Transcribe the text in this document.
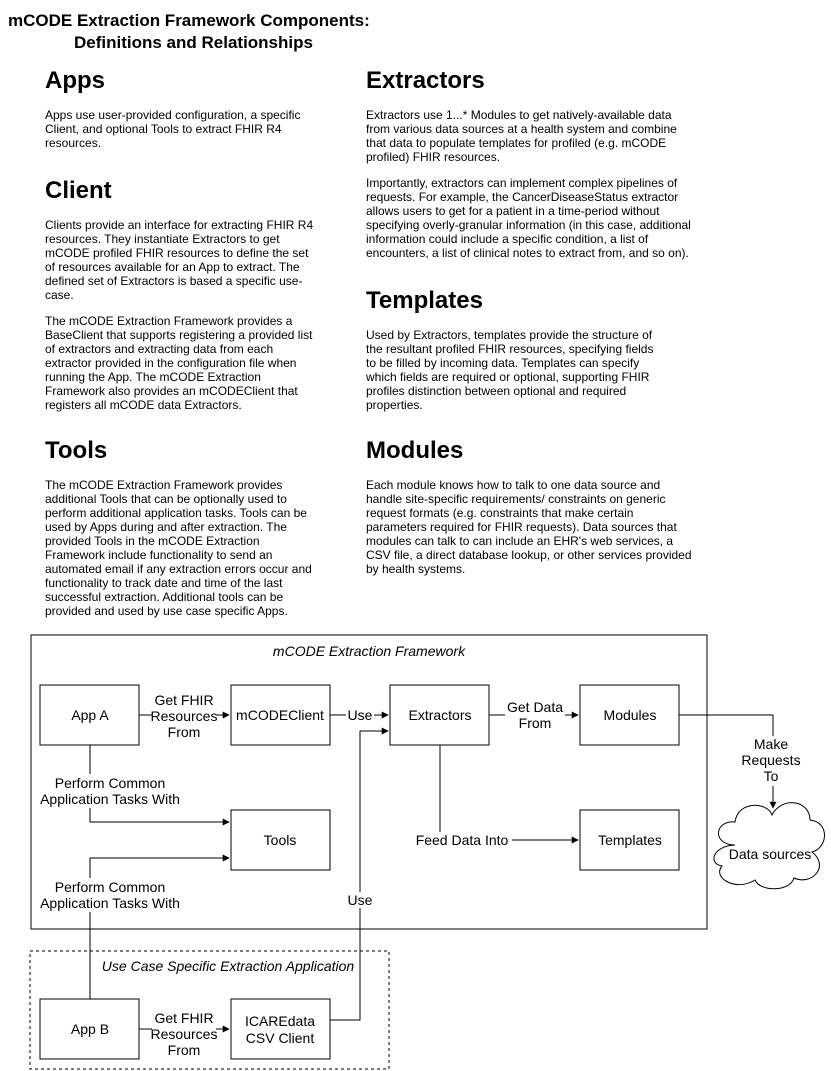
mCODE Extraction Framework Components:
Definitions and Relationships
Apps

Apps use user-provided configuration, a specific Client, and optional Tools to extract FHIR R4 resources.

Client

Clients provide an interface for extracting FHIR R4 resources. They instantiate Extractors to get mCODE profiled FHIR resources to define the set of resources available for an App to extract. The defined set of Extractors is based a specific use-case.

The mCODE Extraction Framework provides a BaseClient that supports registering a provided list of extractors and extracting data from each extractor provided in the configuration file when running the App. The mCODE Extraction Framework also provides an mCODEClient that registers all mCODE data Extractors.

Tools

The mCODE Extraction Framework provides additional Tools that can be optionally used to perform additional application tasks. Tools can be used by Apps during and after extraction. The provided Tools in the mCODE Extraction Framework include functionality to send an automated email if any extraction errors occur and functionality to track date and time of the last successful extraction. Additional tools can be provided and used by use case specific Apps.

Extractors

Extractors use 1...* Modules to get natively-available data from various data sources at a health system and combine that data to populate templates for profiled (e.g. mCODE profiled) FHIR resources.

Importantly, extractors can implement complex pipelines of requests. For example, the CancerDiseaseStatus extractor allows users to get for a patient in a time-period without specifying overly-granular information (in this case, additional information could include a specific condition, a list of encounters, a list of clinical notes to extract from, and so on).

Templates

Used by Extractors, templates provide the structure of the resultant profiled FHIR resources, specifying fields to be filled by incoming data. Templates can specify which fields are required or optional, supporting FHIR profiles distinction between optional and required properties.

Modules

Each module knows how to talk to one data source and handle site-specific requirements/ constraints on generic request formats (e.g. constraints that make certain parameters required for FHIR requests). Data sources that modules can talk to can include an EHR's web services, a CSV file, a direct database lookup, or other services provided by health systems.

mCODE Extraction Framework
Use Case Specific Extraction Application
App A	mCODEClient	Extractors	Modules
Tools	Templates
App B	ICAREdata
CSV Client
Data sources
Get FHIR
Resources
From
Use	Get Data
From
Perform Common
Application Tasks With
Perform Common
Application Tasks With
Feed Data Into
Use
Make
Requests
To
Get FHIR
Resources
From
